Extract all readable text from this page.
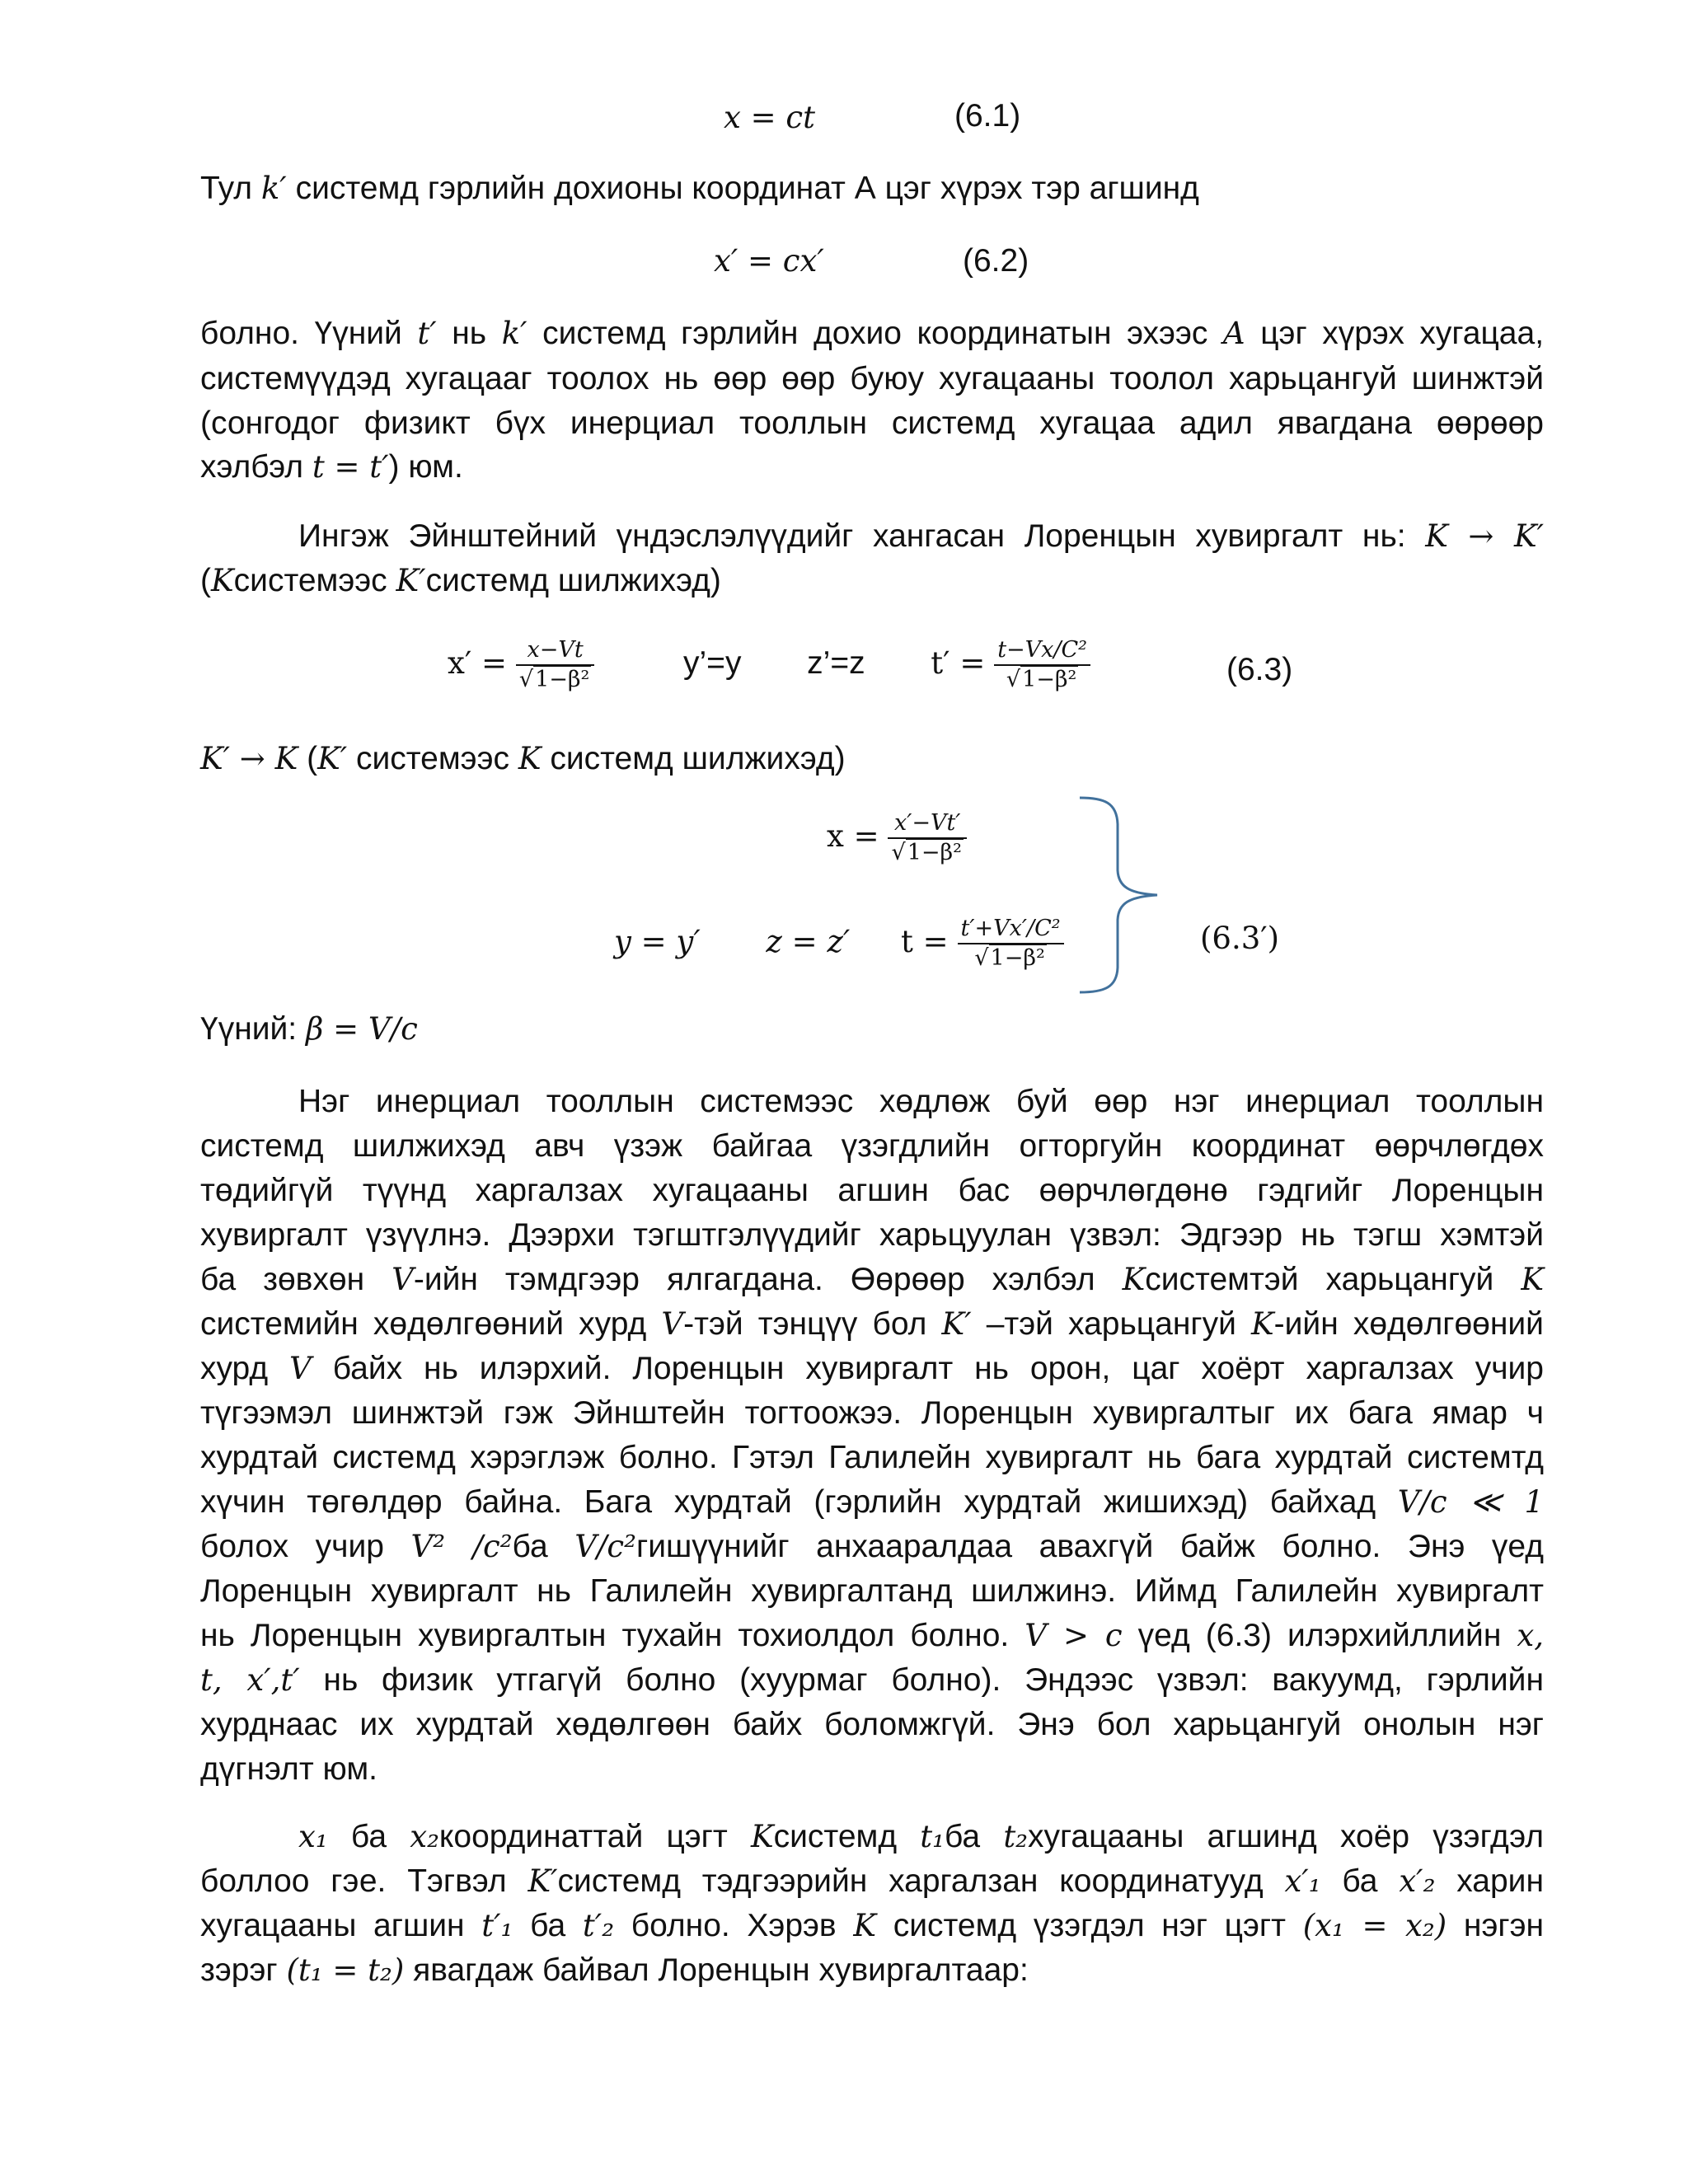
x = ct	(6.1)
Тул k′ системд гэрлийн дохионы координат А цэг хүрэх тэр агшинд
x′ = cx′	(6.2)
болно. Үүний t′ нь k′ системд гэрлийн дохио координатын эхээс A цэг хүрэх хугацаа,
системүүдэд хугацааг тоолох нь өөр өөр буюу хугацааны тоолол харьцангуй шинжтэй
(сонгодог физикт бүх инерциал тооллын системд хугацаа адил явагдана өөрөөр
хэлбэл t = t′) юм.
Ингэж Эйнштейний үндэслэлүүдийг хангасан Лоренцын хувиргалт нь: K → K′
(Kсистемээс K′системд шилжихэд)
$x' = \frac{x-Vt}{\text{√1−β²}}$	y’=y z’=z $t' = \frac{\text{t−Vx/C²}}{\text{√1−β²}}$	(6.3)
K′ → K (K′ системээс K системд шилжихэд)
$x = \frac{x'-Vt'}{\text{√1−β²}}$
y = y′ z = z′ $t = \frac{\text{t′+Vx′/C²}}{\text{√1−β²}}$	(6.3′)
Үүний: β = V/c
Нэг инерциал тооллын системээс хөдлөж буй өөр нэг инерциал тооллын
системд шилжихэд авч үзэж байгаа үзэгдлийн огторгуйн координат өөрчлөгдөх
төдийгүй түүнд харгалзах хугацааны агшин бас өөрчлөгдөнө гэдгийг Лоренцын
хувиргалт үзүүлнэ. Дээрхи тэгштгэлүүдийг харьцуулан үзвэл: Эдгээр нь тэгш хэмтэй
ба зөвхөн V-ийн тэмдгээр ялгагдана. Өөрөөр хэлбэл Kсистемтэй харьцангуй K
системийн хөдөлгөөний хурд V-тэй тэнцүү бол K′ –тэй харьцангуй K-ийн хөдөлгөөний
хурд V байх нь илэрхий. Лоренцын хувиргалт нь орон, цаг хоёрт харгалзах учир
түгээмэл шинжтэй гэж Эйнштейн тогтоожээ. Лоренцын хувиргалтыг их бага ямар ч
хурдтай системд хэрэглэж болно. Гэтэл Галилейн хувиргалт нь бага хурдтай системтд
хүчин төгөлдөр байна. Бага хурдтай (гэрлийн хурдтай жишихэд) байхад V/c ≪ 1
болох учир V² /c²ба V/c²гишүүнийг анхааралдаа авахгүй байж болно. Энэ үед
Лоренцын хувиргалт нь Галилейн хувиргалтанд шилжинэ. Иймд Галилейн хувиргалт
нь Лоренцын хувиргалтын тухайн тохиолдол болно. V > c үед (6.3) илэрхийллийн x,
t, x′,t′ нь физик утгагүй болно (хуурмаг болно). Эндээс үзвэл: вакуумд, гэрлийн
хурднаас их хурдтай хөдөлгөөн байх боломжгүй. Энэ бол харьцангуй онолын нэг
дүгнэлт юм.
x₁ ба x₂координаттай цэгт Kсистемд t₁ба t₂хугацааны агшинд хоёр үзэгдэл
боллоо гэе. Тэгвэл K′системд тэдгээрийн харгалзан координатууд x′₁ ба x′₂ харин
хугацааны агшин t′₁ ба t′₂ болно. Хэрэв K системд үзэгдэл нэг цэгт (x₁ = x₂) нэгэн
зэрэг (t₁ = t₂) явагдаж байвал Лоренцын хувиргалтаар:
